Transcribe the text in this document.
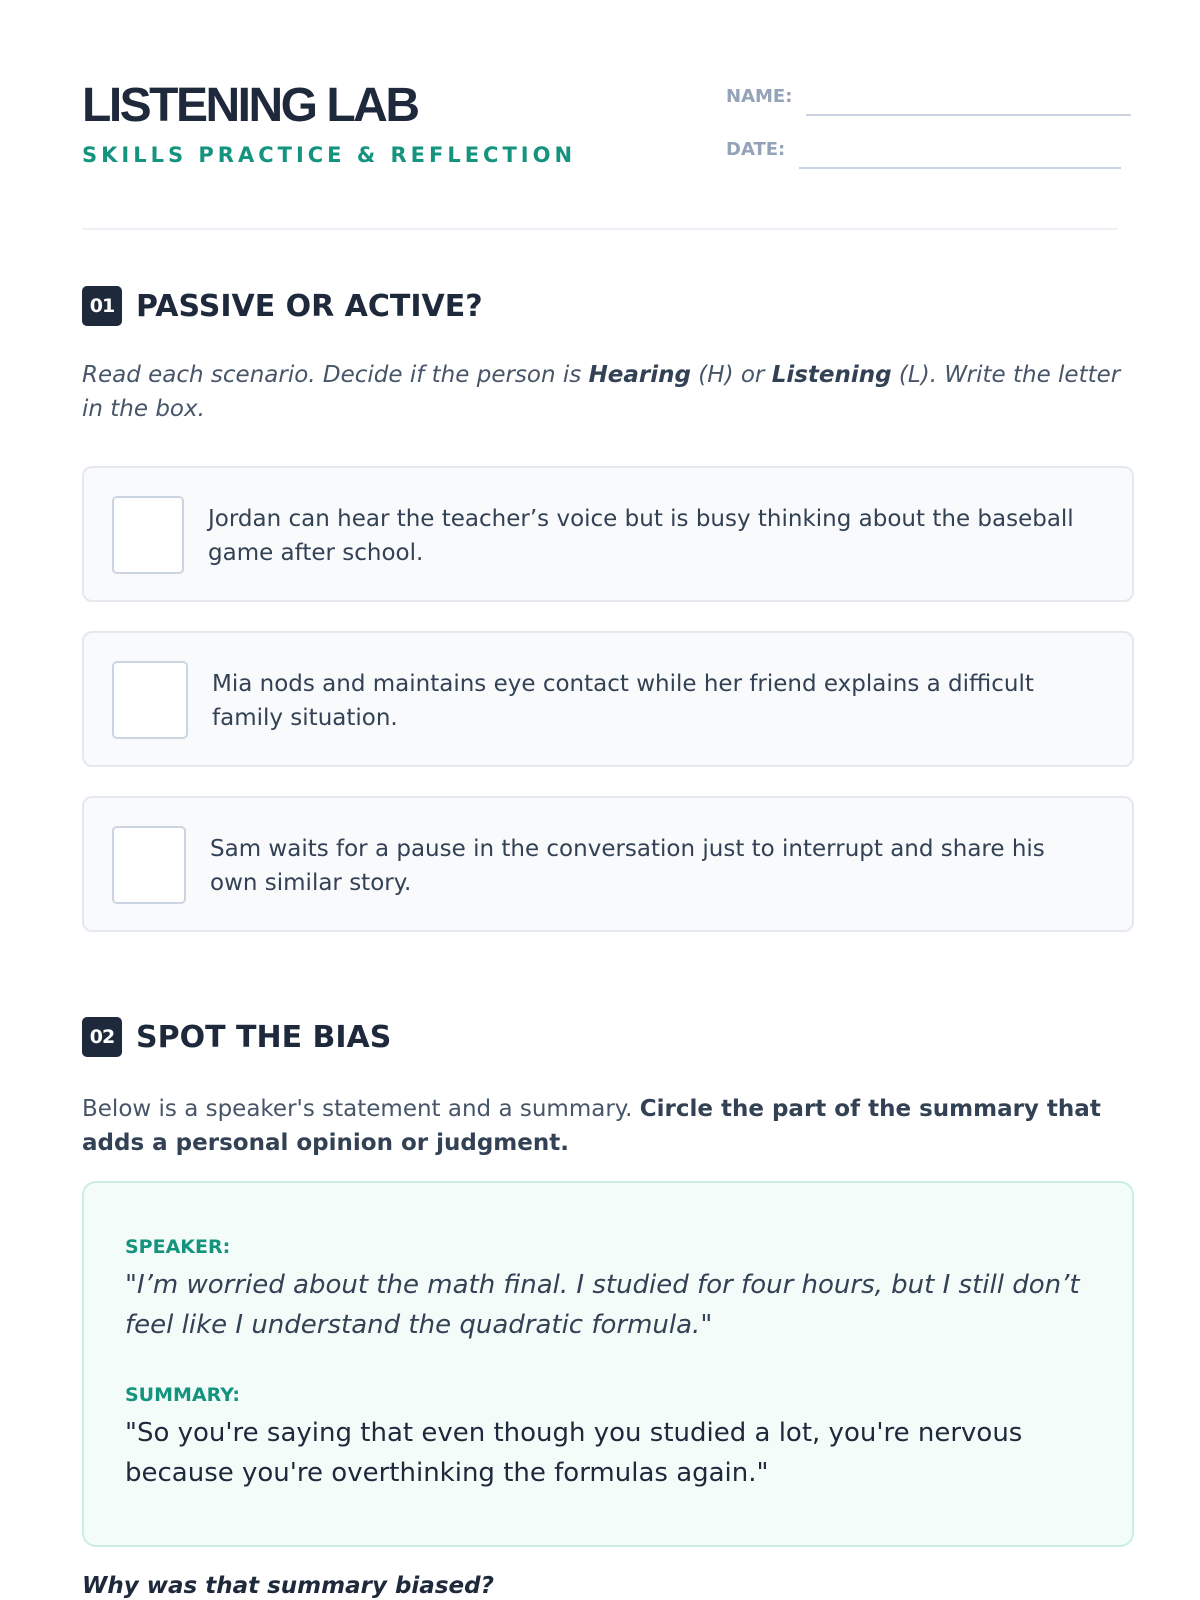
LISTENING LAB
SKILLS PRACTICE & REFLECTION
NAME:
DATE:
01 PASSIVE OR ACTIVE?

Read each scenario. Decide if the person is Hearing (H) or Listening (L). Write the letter in the box.

Jordan can hear the teacher’s voice but is busy thinking about the baseball game after school.
Mia nods and maintains eye contact while her friend explains a difficult family situation.
Sam waits for a pause in the conversation just to interrupt and share his own similar story.
02 SPOT THE BIAS

Below is a speaker's statement and a summary. Circle the part of the summary that adds a personal opinion or judgment.

SPEAKER:
"I’m worried about the math final. I studied for four hours, but I still don’t feel like I understand the quadratic formula."
SUMMARY:
"So you're saying that even though you studied a lot, you're nervous because you're overthinking the formulas again."
Why was that summary biased?
